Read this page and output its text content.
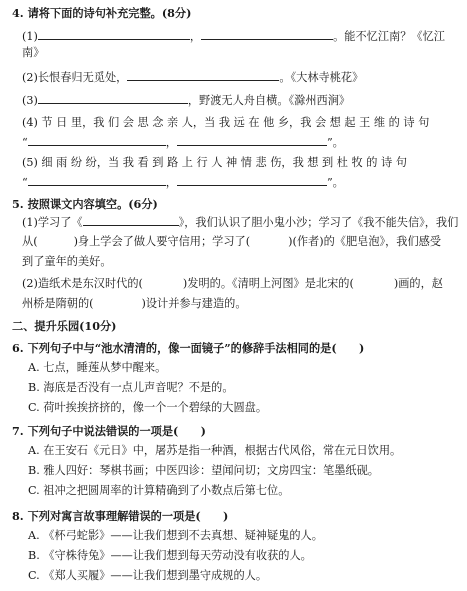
4. 请将下面的诗句补充完整。(8分)
(1)	，	。能不忆江南？《忆江
南》
(2)长恨春归无觅处，	。《大林寺桃花》
(3)	，野渡无人舟自横。《滁州西涧》
(4) 节 日 里，我 们 会 思 念 亲 人，当 我 远 在 他 乡，我 会 想 起 王 维 的 诗 句
“	，	”。
(5) 细 雨 纷 纷，当 我 看 到 路 上 行 人 神 情 悲 伤，我 想 到 杜 牧 的 诗 句
“	，	”。
5. 按照课文内容填空。(6分)
(1)学习了《	》，我们认识了胆小鬼小沙；学习了《我不能失信》，我们
从(	)身上学会了做人要守信用；学习了(	)(作者)的《肥皂泡》，我们感受
到了童年的美好。
(2)造纸术是东汉时代的(	)发明的。《清明上河图》是北宋的(	)画的，赵
州桥是隋朝的(	)设计并参与建造的。
二、提升乐园(10分)
6. 下列句子中与“池水清清的，像一面镜子”的修辞手法相同的是(　　)
A. 七点，睡莲从梦中醒来。
B. 海底是否没有一点儿声音呢？不是的。
C. 荷叶挨挨挤挤的，像一个一个碧绿的大圆盘。
7. 下列句子中说法错误的一项是(　　)
A. 在王安石《元日》中，屠苏是指一种酒，根据古代风俗，常在元日饮用。
B. 雅人四好：琴棋书画；中医四诊：望闻问切；文房四宝：笔墨纸砚。
C. 祖冲之把圆周率的计算精确到了小数点后第七位。
8. 下列对寓言故事理解错误的一项是(　　)
A. 《杯弓蛇影》——让我们想到不去真想、疑神疑鬼的人。
B. 《守株待兔》——让我们想到每天劳动没有收获的人。
C. 《郑人买履》——让我们想到墨守成规的人。
